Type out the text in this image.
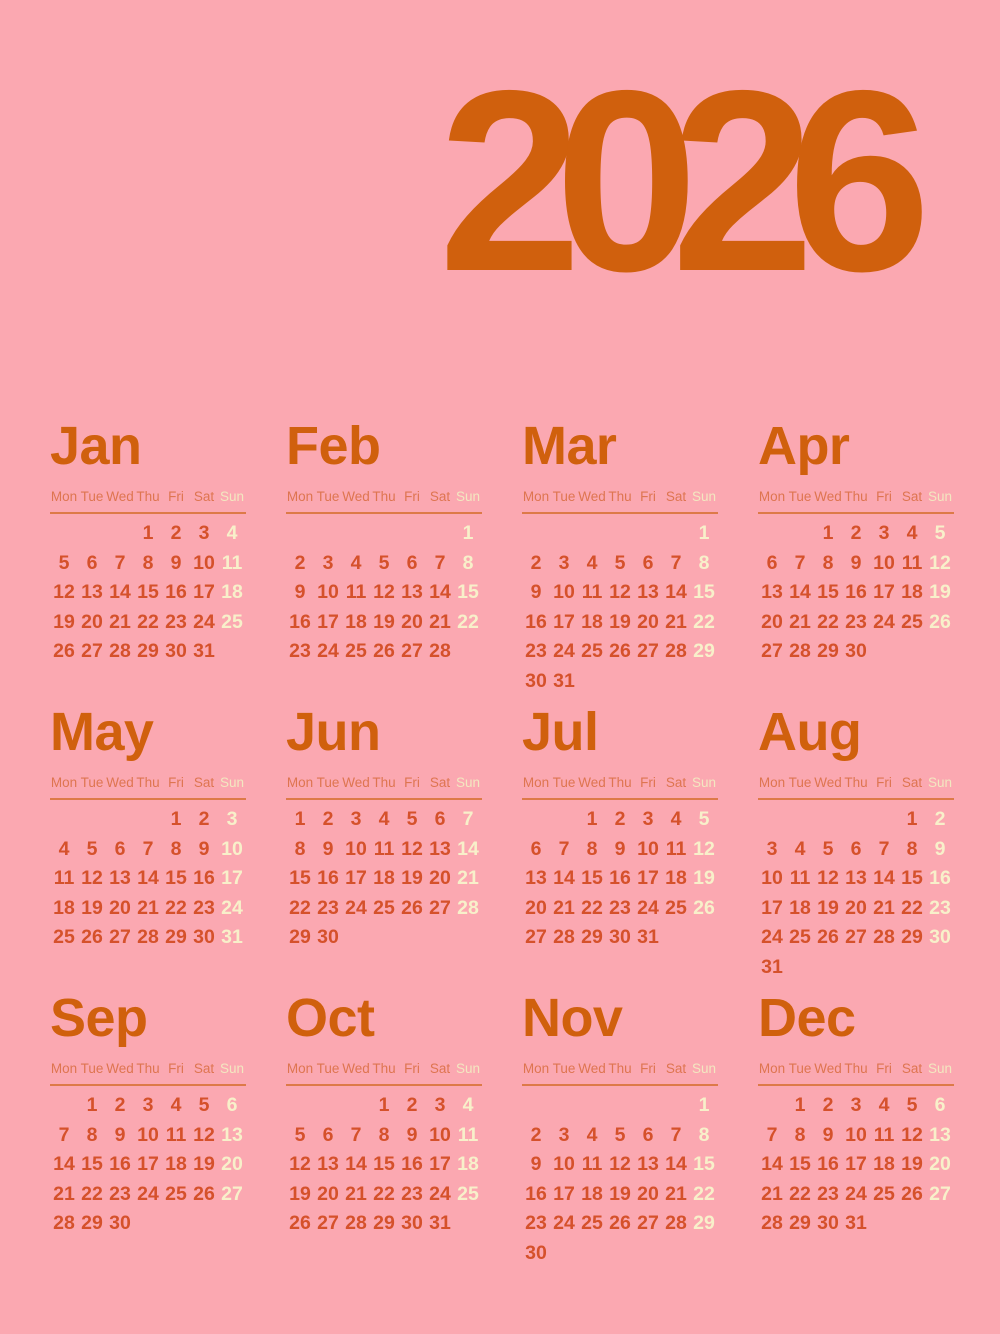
2026
Jan
Mon Tue Wed Thu Fri Sat Sun
1 2 3 4
5 6 7 8 9 10 11
12 13 14 15 16 17 18
19 20 21 22 23 24 25
26 27 28 29 30 31
Feb
Mon Tue Wed Thu Fri Sat Sun
1
2 3 4 5 6 7 8
9 10 11 12 13 14 15
16 17 18 19 20 21 22
23 24 25 26 27 28
Mar
Mon Tue Wed Thu Fri Sat Sun
1
2 3 4 5 6 7 8
9 10 11 12 13 14 15
16 17 18 19 20 21 22
23 24 25 26 27 28 29
30 31
Apr
Mon Tue Wed Thu Fri Sat Sun
1 2 3 4 5
6 7 8 9 10 11 12
13 14 15 16 17 18 19
20 21 22 23 24 25 26
27 28 29 30
May
Mon Tue Wed Thu Fri Sat Sun
1 2 3
4 5 6 7 8 9 10
11 12 13 14 15 16 17
18 19 20 21 22 23 24
25 26 27 28 29 30 31
Jun
Mon Tue Wed Thu Fri Sat Sun
1 2 3 4 5 6 7
8 9 10 11 12 13 14
15 16 17 18 19 20 21
22 23 24 25 26 27 28
29 30
Jul
Mon Tue Wed Thu Fri Sat Sun
1 2 3 4 5
6 7 8 9 10 11 12
13 14 15 16 17 18 19
20 21 22 23 24 25 26
27 28 29 30 31
Aug
Mon Tue Wed Thu Fri Sat Sun
1 2
3 4 5 6 7 8 9
10 11 12 13 14 15 16
17 18 19 20 21 22 23
24 25 26 27 28 29 30
31
Sep
Mon Tue Wed Thu Fri Sat Sun
1 2 3 4 5 6
7 8 9 10 11 12 13
14 15 16 17 18 19 20
21 22 23 24 25 26 27
28 29 30
Oct
Mon Tue Wed Thu Fri Sat Sun
1 2 3 4
5 6 7 8 9 10 11
12 13 14 15 16 17 18
19 20 21 22 23 24 25
26 27 28 29 30 31
Nov
Mon Tue Wed Thu Fri Sat Sun
1
2 3 4 5 6 7 8
9 10 11 12 13 14 15
16 17 18 19 20 21 22
23 24 25 26 27 28 29
30
Dec
Mon Tue Wed Thu Fri Sat Sun
1 2 3 4 5 6
7 8 9 10 11 12 13
14 15 16 17 18 19 20
21 22 23 24 25 26 27
28 29 30 31
